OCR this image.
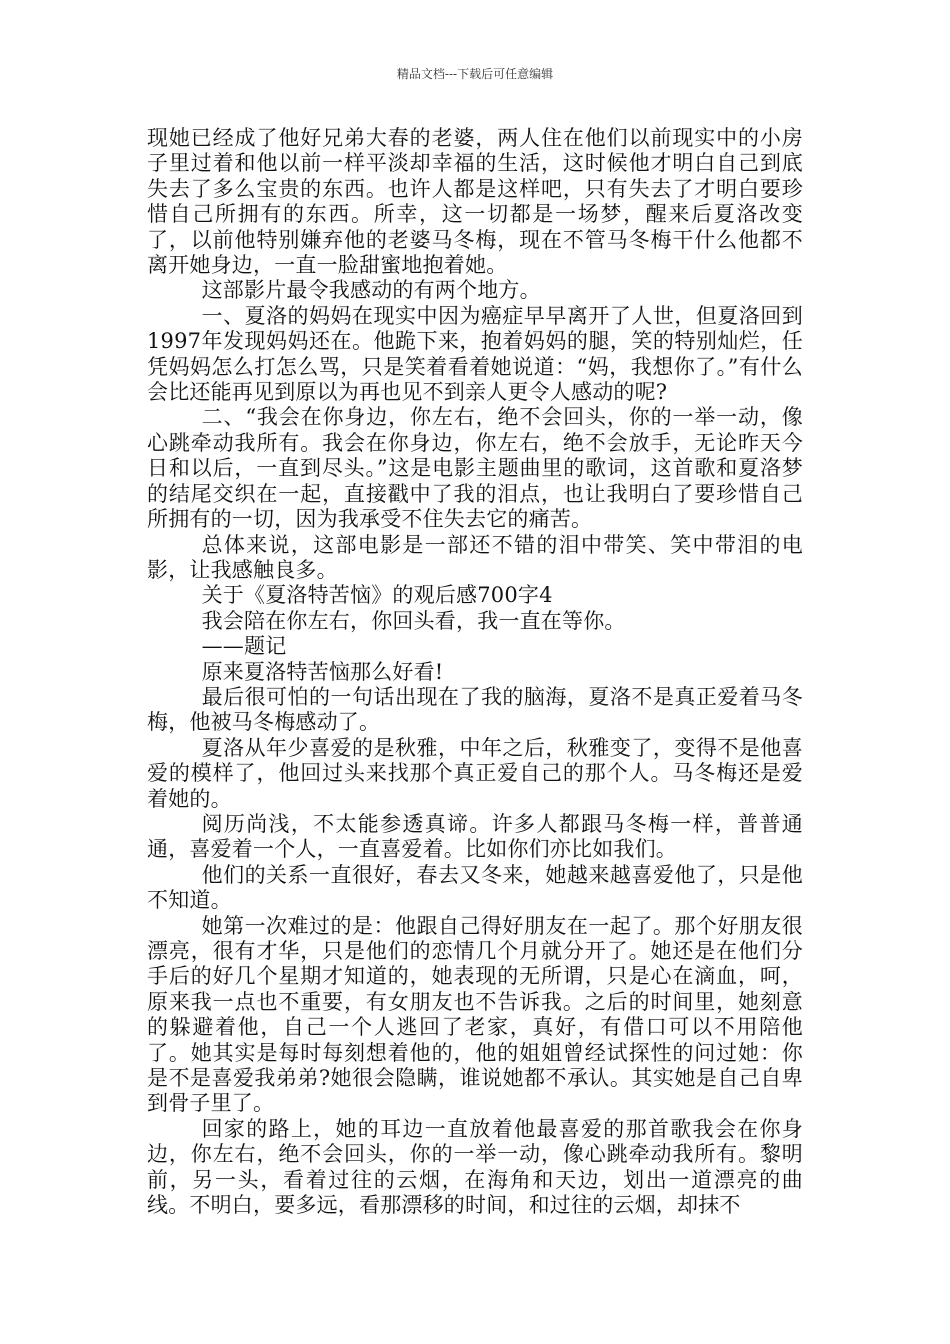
精品文档---下载后可任意编辑

现她已经成了他好兄弟大春的老婆，两人住在他们以前现实中的小房子里过着和他以前一样平淡却幸福的生活，这时候他才明白自己到底失去了多么宝贵的东西。也许人都是这样吧，只有失去了才明白要珍惜自己所拥有的东西。所幸，这一切都是一场梦，醒来后夏洛改变了，以前他特别嫌弃他的老婆马冬梅，现在不管马冬梅干什么他都不离开她身边，一直一脸甜蜜地抱着她。

这部影片最令我感动的有两个地方。

一、夏洛的妈妈在现实中因为癌症早早离开了人世，但夏洛回到1997年发现妈妈还在。他跪下来，抱着妈妈的腿，笑的特别灿烂，任凭妈妈怎么打怎么骂，只是笑着看着她说道：“妈，我想你了。”有什么会比还能再见到原以为再也见不到亲人更令人感动的呢?

二、“我会在你身边，你左右，绝不会回头，你的一举一动，像心跳牵动我所有。我会在你身边，你左右，绝不会放手，无论昨天今日和以后，一直到尽头。”这是电影主题曲里的歌词，这首歌和夏洛梦的结尾交织在一起，直接戳中了我的泪点，也让我明白了要珍惜自己所拥有的一切，因为我承受不住失去它的痛苦。

总体来说，这部电影是一部还不错的泪中带笑、笑中带泪的电影，让我感触良多。

关于《夏洛特苦恼》的观后感700字4

我会陪在你左右，你回头看，我一直在等你。

——题记

原来夏洛特苦恼那么好看!

最后很可怕的一句话出现在了我的脑海，夏洛不是真正爱着马冬梅，他被马冬梅感动了。

夏洛从年少喜爱的是秋雅，中年之后，秋雅变了，变得不是他喜爱的模样了，他回过头来找那个真正爱自己的那个人。马冬梅还是爱着她的。

阅历尚浅，不太能参透真谛。许多人都跟马冬梅一样，普普通通，喜爱着一个人，一直喜爱着。比如你们亦比如我们。

他们的关系一直很好，春去又冬来，她越来越喜爱他了，只是他不知道。

她第一次难过的是：他跟自己得好朋友在一起了。那个好朋友很漂亮，很有才华，只是他们的恋情几个月就分开了。她还是在他们分手后的好几个星期才知道的，她表现的无所谓，只是心在滴血，呵，原来我一点也不重要，有女朋友也不告诉我。之后的时间里，她刻意的躲避着他，自己一个人逃回了老家，真好，有借口可以不用陪他了。她其实是每时每刻想着他的，他的姐姐曾经试探性的问过她：你是不是喜爱我弟弟?她很会隐瞒，谁说她都不承认。其实她是自己自卑到骨子里了。

回家的路上，她的耳边一直放着他最喜爱的那首歌我会在你身边，你左右，绝不会回头，你的一举一动，像心跳牵动我所有。黎明前，另一头，看着过往的云烟，在海角和天边，划出一道漂亮的曲线。不明白，要多远，看那漂移的时间，和过往的云烟，却抹不
